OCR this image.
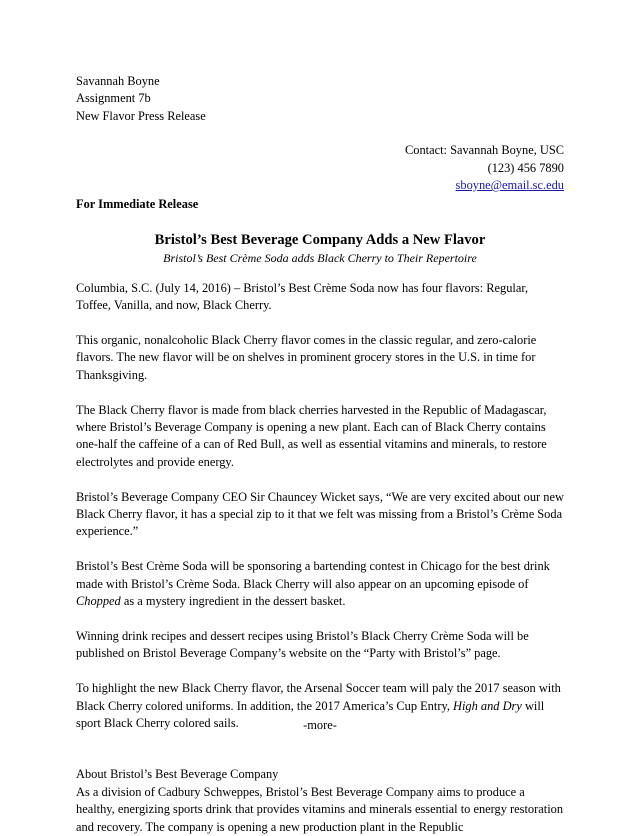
Savannah Boyne
Assignment 7b
New Flavor Press Release
Contact: Savannah Boyne, USC
(123) 456 7890
sboyne@email.sc.edu
For Immediate Release
Bristol’s Best Beverage Company Adds a New Flavor
Bristol’s Best Crème Soda adds Black Cherry to Their Repertoire

Columbia, S.C. (July 14, 2016) – Bristol’s Best Crème Soda now has four flavors: Regular, Toffee, Vanilla, and now, Black Cherry.

This organic, nonalcoholic Black Cherry flavor comes in the classic regular, and zero-calorie flavors. The new flavor will be on shelves in prominent grocery stores in the U.S. in time for Thanksgiving.

The Black Cherry flavor is made from black cherries harvested in the Republic of Madagascar, where Bristol’s Beverage Company is opening a new plant. Each can of Black Cherry contains one-half the caffeine of a can of Red Bull, as well as essential vitamins and minerals, to restore electrolytes and provide energy.

Bristol’s Beverage Company CEO Sir Chauncey Wicket says, “We are very excited about our new Black Cherry flavor, it has a special zip to it that we felt was missing from a Bristol’s Crème Soda experience.”

Bristol’s Best Crème Soda will be sponsoring a bartending contest in Chicago for the best drink made with Bristol’s Crème Soda. Black Cherry will also appear on an upcoming episode of Chopped as a mystery ingredient in the dessert basket.

Winning drink recipes and dessert recipes using Bristol’s Black Cherry Crème Soda will be published on Bristol Beverage Company’s website on the “Party with Bristol’s” page.

To highlight the new Black Cherry flavor, the Arsenal Soccer team will paly the 2017 season with Black Cherry colored uniforms. In addition, the 2017 America’s Cup Entry, High and Dry will sport Black Cherry colored sails.

About Bristol’s Best Beverage Company
As a division of Cadbury Schweppes, Bristol’s Best Beverage Company aims to produce a healthy, energizing sports drink that provides vitamins and minerals essential to energy restoration and recovery. The company is opening a new production plant in the Republic
-more-
